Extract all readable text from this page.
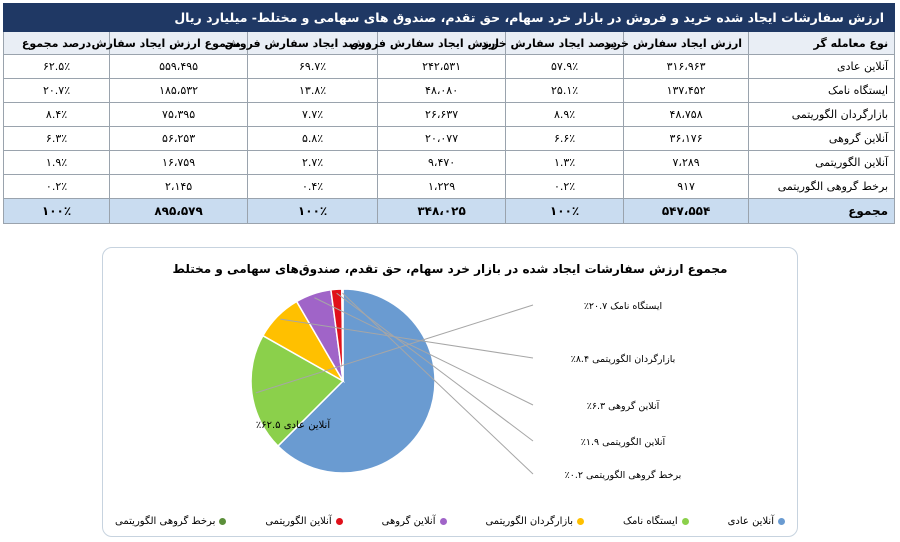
ارزش سفارشات ایجاد شده خرید و فروش در بازار خرد سهام، حق تقدم، صندوق های سهامی و مختلط- میلیارد ریال						
نوع معامله گر	ارزش ایجاد سفارش خرید	درصد ایجاد سفارش خرید	ارزش ایجاد سفارش فروش	درصد ایجاد سفارش فروش	مجموع ارزش ایجاد سفارش	درصد مجموع
آنلاین عادی	۳۱۶،۹۶۳	۵۷.۹٪	۲۴۲،۵۳۱	۶۹.۷٪	۵۵۹،۴۹۵	۶۲.۵٪
ایستگاه نامک	۱۳۷،۴۵۲	۲۵.۱٪	۴۸،۰۸۰	۱۳.۸٪	۱۸۵،۵۳۲	۲۰.۷٪
بازارگردان الگوریتمی	۴۸،۷۵۸	۸.۹٪	۲۶،۶۳۷	۷.۷٪	۷۵،۳۹۵	۸.۴٪
آنلاین گروهی	۳۶،۱۷۶	۶.۶٪	۲۰،۰۷۷	۵.۸٪	۵۶،۲۵۳	۶.۳٪
آنلاین الگوریتمی	۷،۲۸۹	۱.۳٪	۹،۴۷۰	۲.۷٪	۱۶،۷۵۹	۱.۹٪
برخط گروهی الگوریتمی	۹۱۷	۰.۲٪	۱،۲۲۹	۰.۴٪	۲،۱۴۵	۰.۲٪
مجموع	۵۴۷،۵۵۴	۱۰۰٪	۳۴۸،۰۲۵	۱۰۰٪	۸۹۵،۵۷۹	۱۰۰٪
مجموع ارزش سفارشات ایجاد شده در بازار خرد سهام، حق تقدم، صندوق‌های سهامی و مختلط
آنلاین عادی ۶۲.۵٪
ایستگاه نامک ۲۰.۷٪
بازارگردان الگوریتمی ۸.۴٪
آنلاین گروهی ۶.۳٪
آنلاین الگوریتمی ۱.۹٪
برخط گروهی الگوریتمی ۰.۲٪
آنلاین عادی
ایستگاه نامک
بازارگردان الگوریتمی
آنلاین گروهی
آنلاین الگوریتمی
برخط گروهی الگوریتمی
